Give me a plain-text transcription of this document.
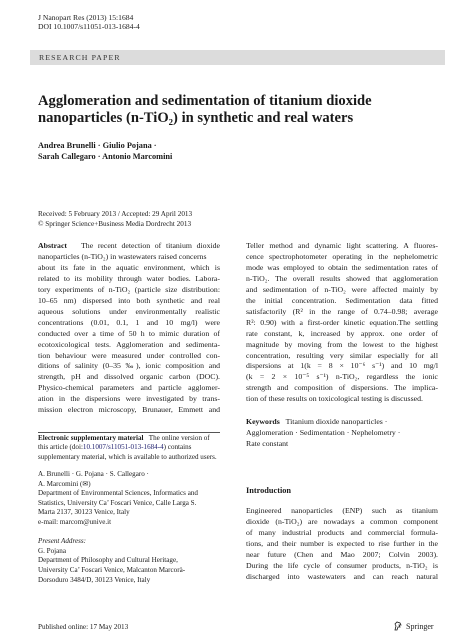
J Nanopart Res (2013) 15:1684
DOI 10.1007/s11051-013-1684-4
RESEARCH PAPER
Agglomeration and sedimentation of titanium dioxide
nanoparticles (n-TiO₂) in synthetic and real waters
Andrea Brunelli · Giulio Pojana ·
Sarah Callegaro · Antonio Marcomini
Received: 5 February 2013 / Accepted: 29 April 2013
© Springer Science+Business Media Dordrecht 2013
Abstract The recent detection of titanium dioxide
nanoparticles (n-TiO₂) in wastewaters raised concerns
about its fate in the aquatic environment, which is
related to its mobility through water bodies. Labora-
tory experiments of n-TiO₂ (particle size distribution:
10–65 nm) dispersed into both synthetic and real
aqueous solutions under environmentally realistic
concentrations (0.01, 0.1, 1 and 10 mg/l) were
conducted over a time of 50 h to mimic duration of
ecotoxicological tests. Agglomeration and sedimenta-
tion behaviour were measured under controlled con-
ditions of salinity (0–35 ‰), ionic composition and
strength, pH and dissolved organic carbon (DOC).
Physico-chemical parameters and particle agglomer-
ation in the dispersions were investigated by trans-
mission electron microscopy, Brunauer, Emmett and
Teller method and dynamic light scattering. A fluores-
cence spectrophotometer operating in the nephelometric
mode was employed to obtain the sedimentation rates of
n-TiO₂. The overall results showed that agglomeration
and sedimentation of n-TiO₂ were affected mainly by
the initial concentration. Sedimentation data fitted
satisfactorily (R² in the range of 0.74–0.98; average
R²: 0.90) with a first-order kinetic equation.The settling
rate constant, k, increased by approx. one order of
magnitude by moving from the lowest to the highest
concentration, resulting very similar especially for all
dispersions at 1(k = 8 × 10⁻⁶ s⁻¹) and 10 mg/l
(k = 2 × 10⁻⁵ s⁻¹) n-TiO₂, regardless the ionic
strength and composition of dispersions. The implica-
tion of these results on toxicological testing is discussed.
Keywords Titanium dioxide nanoparticles ·
Agglomeration · Sedimentation · Nephelometry ·
Rate constant
Electronic supplementary material The online version of
this article (doi:10.1007/s11051-013-1684-4) contains
supplementary material, which is available to authorized users.
A. Brunelli · G. Pojana · S. Callegaro ·
A. Marcomini (✉)
Department of Environmental Sciences, Informatics and
Statistics, University Ca’ Foscari Venice, Calle Larga S.
Marta 2137, 30123 Venice, Italy
e-mail: marcom@unive.it
Present Address:
G. Pojana
Department of Philosophy and Cultural Heritage,
University Ca’ Foscari Venice, Malcanton Marcorà-
Dorsoduro 3484/D, 30123 Venice, Italy
Introduction
Engineered nanoparticles (ENP) such as titanium
dioxide (n-TiO₂) are nowadays a common component
of many industrial products and commercial formula-
tions, and their number is expected to rise further in the
near future (Chen and Mao 2007; Colvin 2003).
During the life cycle of consumer products, n-TiO₂ is
discharged into wastewaters and can reach natural
Published online: 17 May 2013	Springer
